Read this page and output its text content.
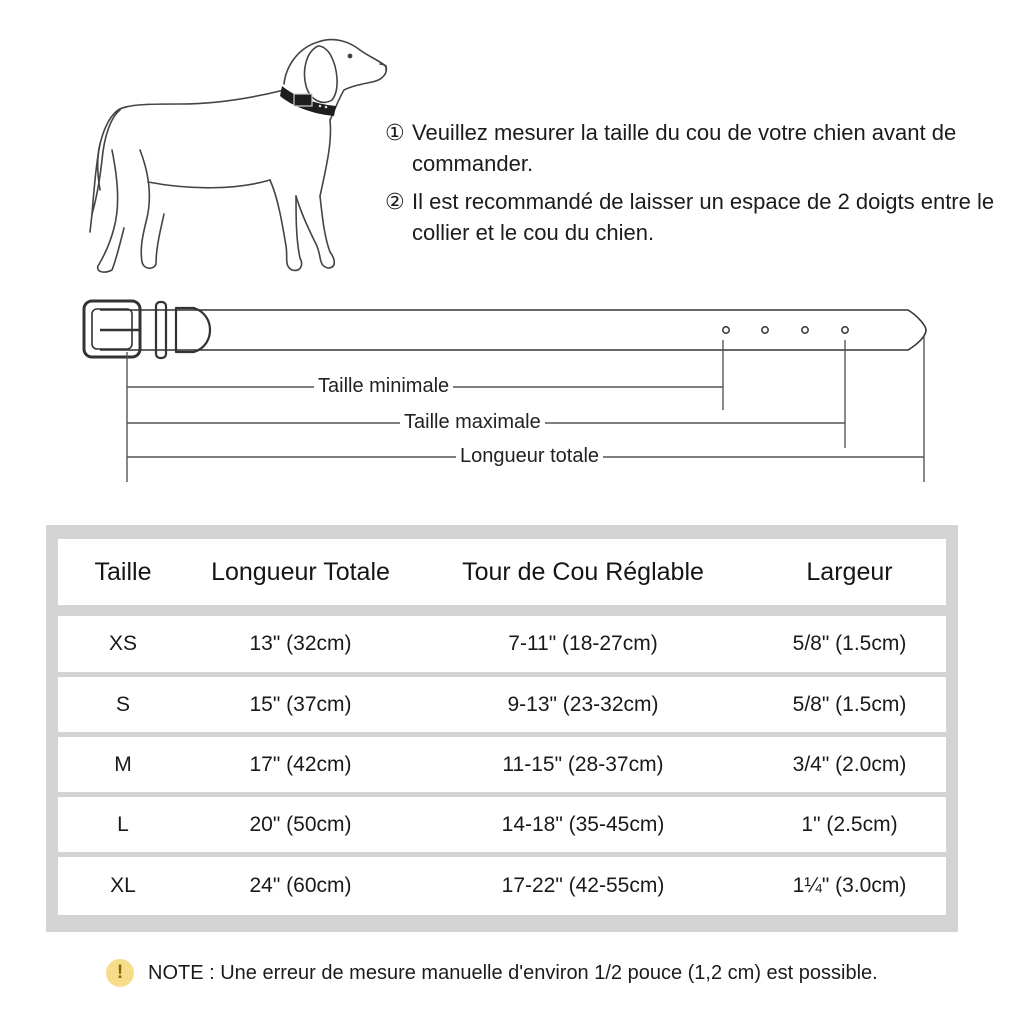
① Veuillez mesurer la taille du cou de votre chien avant de commander.
② Il est recommandé de laisser un espace de 2 doigts entre le collier et le cou du chien.
Taille minimale
Taille maximale
Longueur totale
Taille	Longueur Totale	Tour de Cou Réglable	Largeur
XS	13" (32cm)	7-11" (18-27cm)	5/8" (1.5cm)
S	15" (37cm)	9-13" (23-32cm)	5/8" (1.5cm)
M	17" (42cm)	11-15" (28-37cm)	3/4" (2.0cm)
L	20" (50cm)	14-18" (35-45cm)	1" (2.5cm)
XL	24" (60cm)	17-22" (42-55cm)	1¼" (3.0cm)
!	NOTE : Une erreur de mesure manuelle d'environ 1/2 pouce (1,2 cm) est possible.
